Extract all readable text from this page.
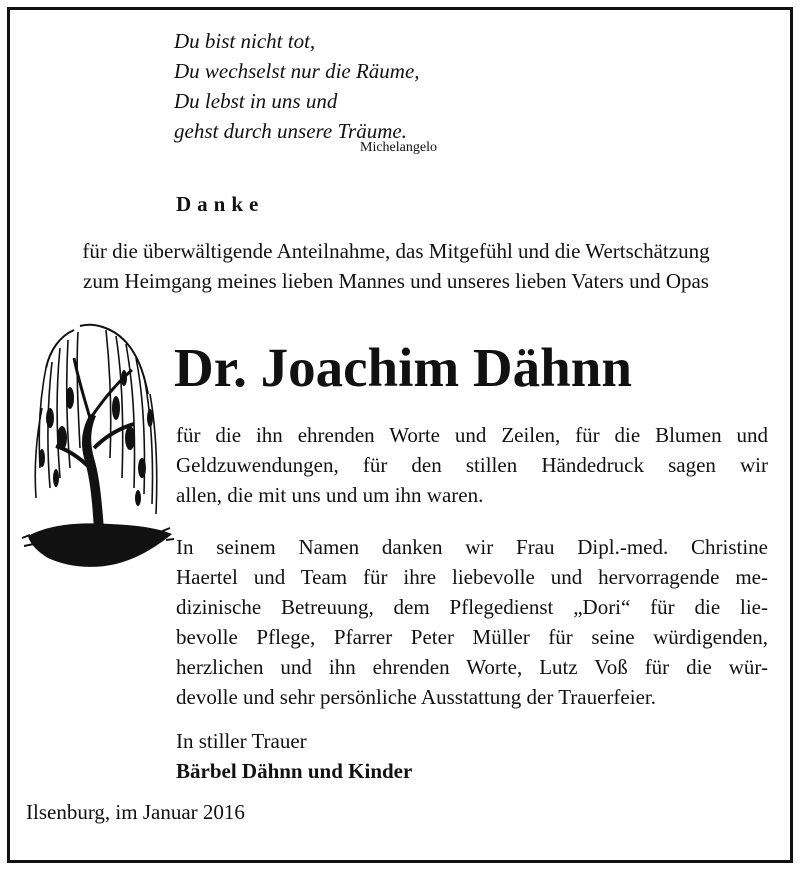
Du bist nicht tot,
Du wechselst nur die Räume,
Du lebst in uns und
gehst durch unsere Träume.
Michelangelo
Danke
für die überwältigende Anteilnahme, das Mitgefühl und die Wertschätzung
zum Heimgang meines lieben Mannes und unseres lieben Vaters und Opas
Dr. Joachim Dähnn
für die ihn ehrenden Worte und Zeilen, für die Blumen und
Geldzuwendungen, für den stillen Händedruck sagen wir
allen, die mit uns und um ihn waren.
In seinem Namen danken wir Frau Dipl.-med. Christine
Haertel und Team für ihre liebevolle und hervorragende me-
dizinische Betreuung, dem Pflegedienst „Dori“ für die lie-
bevolle Pflege, Pfarrer Peter Müller für seine würdigenden,
herzlichen und ihn ehrenden Worte, Lutz Voß für die wür-
devolle und sehr persönliche Ausstattung der Trauerfeier.
In stiller Trauer
Bärbel Dähnn und Kinder
Ilsenburg, im Januar 2016
